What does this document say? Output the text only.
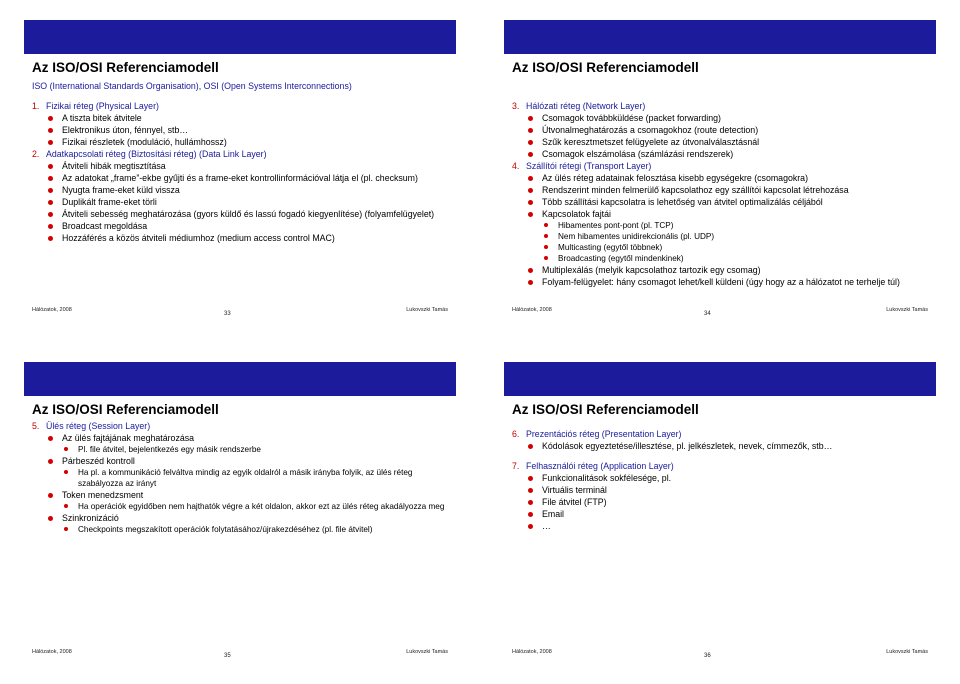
Az ISO/OSI Referenciamodell
ISO (International Standards Organisation), OSI (Open Systems Interconnections)
1. Fizikai réteg (Physical Layer)
A tiszta bitek átvitele
Elektronikus úton, fénnyel, stb…
Fizikai részletek (moduláció, hullámhossz)
2. Adatkapcsolati réteg (Biztosítási réteg) (Data Link Layer)
Átviteli hibák megtisztítása
Az adatokat „frame”-ekbe gyűjti és a frame-eket kontrollinformációval látja el (pl. checksum)
Nyugta frame-eket küld vissza
Duplikált frame-eket törli
Átviteli sebesség meghatározása (gyors küldő és lassú fogadó kiegyenlítése) (folyamfelügyelet)
Broadcast megoldása
Hozzáférés a közös átviteli médiumhoz (medium access control MAC)
Hálózatok, 2008
33
Lukovszki Tamás
Az ISO/OSI Referenciamodell
3. Hálózati réteg (Network Layer)
Csomagok továbbküldése (packet forwarding)
Útvonalmeghatározás a csomagokhoz (route detection)
Szűk keresztmetszet felügyelete az útvonalválasztásnál
Csomagok elszámolása (számlázási rendszerek)
4. Szállítói rétegi (Transport Layer)
Az ülés réteg adatainak felosztása kisebb egységekre (csomagokra)
Rendszerint minden felmerülő kapcsolathoz egy szállítói kapcsolat létrehozása
Több szállítási kapcsolatra is lehetőség van átvitel optimalizálás céljából
Kapcsolatok fajtái
Hibamentes pont-pont (pl. TCP)
Nem hibamentes unidirekcionális (pl. UDP)
Multicasting (egytől többnek)
Broadcasting (egytől mindenkinek)
Multiplexálás (melyik kapcsolathoz tartozik egy csomag)
Folyam-felügyelet: hány csomagot lehet/kell küldeni (úgy hogy az a hálózatot ne terhelje túl)
Hálózatok, 2008
34
Lukovszki Tamás
Az ISO/OSI Referenciamodell
5. Ülés réteg (Session Layer)
Az ülés fajtájának meghatározása
Pl. file átvitel, bejelentkezés egy másik rendszerbe
Párbeszéd kontroll
Ha pl. a kommunikáció felváltva mindig az egyik oldalról a másik irányba folyik, az ülés réteg szabályozza az irányt
Token menedzsment
Ha operációk egyidőben nem hajthatók végre a két oldalon, akkor ezt az ülés réteg akadályozza meg
Szinkronizáció
Checkpoints megszakított operációk folytatásához/újrakezdéséhez (pl. file átvitel)
Hálózatok, 2008
35
Lukovszki Tamás
Az ISO/OSI Referenciamodell
6. Prezentációs réteg (Presentation Layer)
Kódolások egyeztetése/illesztése, pl. jelkészletek, nevek, címmezők, stb…
7. Felhasználói réteg (Application Layer)
Funkcionalitások sokfélesége, pl.
Virtuális terminál
File átvitel (FTP)
Email
…
Hálózatok, 2008
36
Lukovszki Tamás
